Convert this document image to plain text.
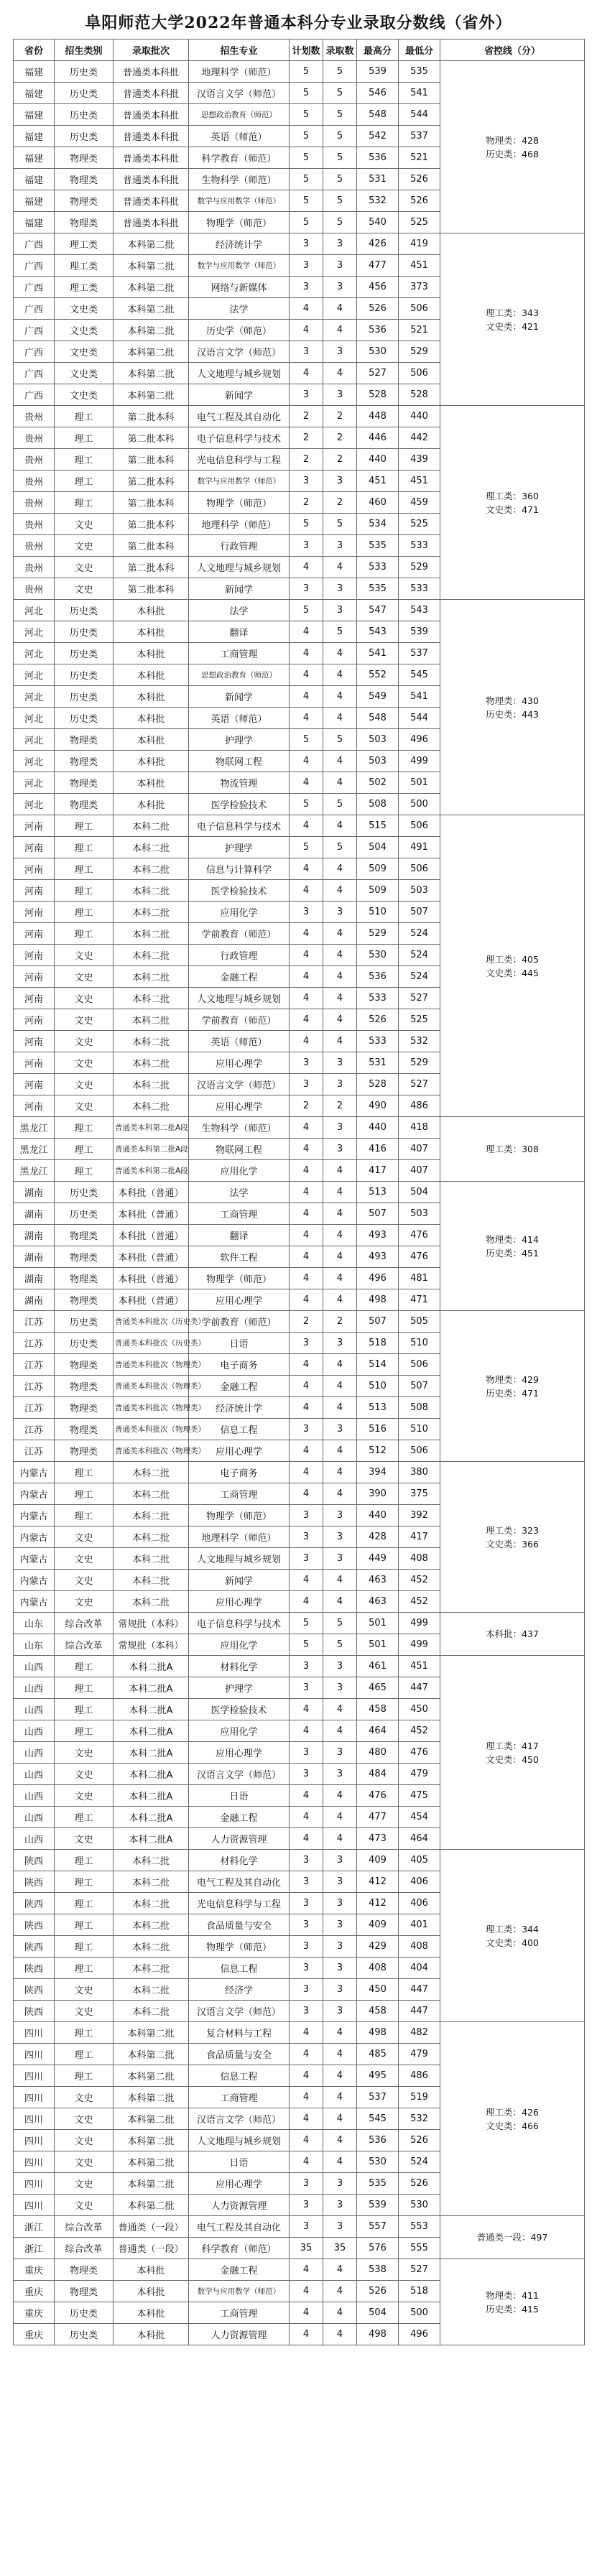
阜阳师范大学2022年普通本科分专业录取分数线（省外）
省份	招生类别	录取批次	招生专业	计划数	录取数	最高分	最低分	省控线（分）
福建	历史类	普通类本科批	地理科学（师范）	5	5	539	535	物理类：428
历史类：468

福建	历史类	普通类本科批	汉语言文学（师范）	5	5	546	541	
福建	历史类	普通类本科批	思想政治教育（师范）	5	5	548	544	
福建	历史类	普通类本科批	英语（师范）	5	5	542	537	
福建	物理类	普通类本科批	科学教育（师范）	5	5	536	521	
福建	物理类	普通类本科批	生物科学（师范）	5	5	531	526	
福建	物理类	普通类本科批	数学与应用数学（师范）	5	5	532	526	
福建	物理类	普通类本科批	物理学（师范）	5	5	540	525	
广西	理工类	本科第二批	经济统计学	3	3	426	419	理工类：343
文史类：421

广西	理工类	本科第二批	数学与应用数学（师范）	3	3	477	451	
广西	理工类	本科第二批	网络与新媒体	3	3	456	373	
广西	文史类	本科第二批	法学	4	4	526	506	
广西	文史类	本科第二批	历史学（师范）	4	4	536	521	
广西	文史类	本科第二批	汉语言文学（师范）	3	3	530	529	
广西	文史类	本科第二批	人文地理与城乡规划	4	4	527	506	
广西	文史类	本科第二批	新闻学	3	3	528	528	
贵州	理工	第二批本科	电气工程及其自动化	2	2	448	440	理工类：360
文史类：471

贵州	理工	第二批本科	电子信息科学与技术	2	2	446	442	
贵州	理工	第二批本科	光电信息科学与工程	2	2	440	439	
贵州	理工	第二批本科	数学与应用数学（师范）	3	3	451	451	
贵州	理工	第二批本科	物理学（师范）	2	2	460	459	
贵州	文史	第二批本科	地理科学（师范）	5	5	534	525	
贵州	文史	第二批本科	行政管理	3	3	535	533	
贵州	文史	第二批本科	人文地理与城乡规划	4	4	533	529	
贵州	文史	第二批本科	新闻学	3	3	535	533	
河北	历史类	本科批	法学	5	3	547	543	物理类：430
历史类：443

河北	历史类	本科批	翻译	4	5	543	539	
河北	历史类	本科批	工商管理	4	4	541	537	
河北	历史类	本科批	思想政治教育（师范）	4	4	552	545	
河北	历史类	本科批	新闻学	4	4	549	541	
河北	历史类	本科批	英语（师范）	4	4	548	544	
河北	物理类	本科批	护理学	5	5	503	496	
河北	物理类	本科批	物联网工程	4	4	503	499	
河北	物理类	本科批	物流管理	4	4	502	501	
河北	物理类	本科批	医学检验技术	5	5	508	500	
河南	理工	本科二批	电子信息科学与技术	4	4	515	506	理工类：405
文史类：445

河南	理工	本科二批	护理学	5	5	504	491	
河南	理工	本科二批	信息与计算科学	4	4	509	506	
河南	理工	本科二批	医学检验技术	4	4	509	503	
河南	理工	本科二批	应用化学	3	3	510	507	
河南	理工	本科二批	学前教育（师范）	4	4	529	524	
河南	文史	本科二批	行政管理	4	4	530	524	
河南	文史	本科二批	金融工程	4	4	536	524	
河南	文史	本科二批	人文地理与城乡规划	4	4	533	527	
河南	文史	本科二批	学前教育（师范）	4	4	526	525	
河南	文史	本科二批	英语（师范）	4	4	533	532	
河南	文史	本科二批	应用心理学	3	3	531	529	
河南	文史	本科二批	汉语言文学（师范）	3	3	528	527	
河南	文史	本科二批	应用心理学	2	2	490	486	
黑龙江	理工	普通类本科第二批A段	生物科学（师范）	4	3	440	418	理工类：308

黑龙江	理工	普通类本科第二批A段	物联网工程	4	3	416	407	
黑龙江	理工	普通类本科第二批A段	应用化学	4	4	417	407	
湖南	历史类	本科批（普通）	法学	4	4	513	504	物理类：414
历史类：451

湖南	历史类	本科批（普通）	工商管理	4	4	507	503	
湖南	物理类	本科批（普通）	翻译	4	4	493	476	
湖南	物理类	本科批（普通）	软件工程	4	4	493	476	
湖南	物理类	本科批（普通）	物理学（师范）	4	4	496	481	
湖南	物理类	本科批（普通）	应用心理学	4	4	498	471	
江苏	历史类	普通类本科批次（历史类）	学前教育（师范）	2	2	507	505	物理类：429
历史类：471

江苏	历史类	普通类本科批次（历史类）	日语	3	3	518	510	
江苏	物理类	普通类本科批次（物理类）	电子商务	4	4	514	506	
江苏	物理类	普通类本科批次（物理类）	金融工程	4	4	510	507	
江苏	物理类	普通类本科批次（物理类）	经济统计学	4	4	513	508	
江苏	物理类	普通类本科批次（物理类）	信息工程	3	3	516	510	
江苏	物理类	普通类本科批次（物理类）	应用心理学	4	4	512	506	
内蒙古	理工	本科二批	电子商务	4	4	394	380	理工类：323
文史类：366

内蒙古	理工	本科二批	工商管理	4	4	390	375	
内蒙古	理工	本科二批	物理学（师范）	3	3	440	392	
内蒙古	文史	本科二批	地理科学（师范）	3	3	428	417	
内蒙古	文史	本科二批	人文地理与城乡规划	3	3	449	408	
内蒙古	文史	本科二批	新闻学	4	4	463	452	
内蒙古	文史	本科二批	应用心理学	4	4	463	452	
山东	综合改革	常规批（本科）	电子信息科学与技术	5	5	501	499	本科批：437

山东	综合改革	常规批（本科）	应用化学	5	5	501	499	
山西	理工	本科二批A	材料化学	3	3	461	451	理工类：417
文史类：450

山西	理工	本科二批A	护理学	3	3	465	447	
山西	理工	本科二批A	医学检验技术	4	4	458	450	
山西	理工	本科二批A	应用化学	4	4	464	452	
山西	文史	本科二批A	应用心理学	3	3	480	476	
山西	文史	本科二批A	汉语言文学（师范）	3	3	484	479	
山西	文史	本科二批A	日语	4	4	476	475	
山西	理工	本科二批A	金融工程	4	4	477	454	
山西	文史	本科二批A	人力资源管理	4	4	473	464	
陕西	理工	本科二批	材料化学	3	3	409	405	理工类：344
文史类：400

陕西	理工	本科二批	电气工程及其自动化	3	3	412	406	
陕西	理工	本科二批	光电信息科学与工程	3	3	412	406	
陕西	理工	本科二批	食品质量与安全	3	3	409	401	
陕西	理工	本科二批	物理学（师范）	3	3	429	408	
陕西	理工	本科二批	信息工程	3	3	408	404	
陕西	文史	本科二批	经济学	3	3	450	447	
陕西	文史	本科二批	汉语言文学（师范）	3	3	458	447	
四川	理工	本科第二批	复合材料与工程	4	4	498	482	理工类：426
文史类：466

四川	理工	本科第二批	食品质量与安全	4	4	485	479	
四川	理工	本科第二批	信息工程	4	4	495	486	
四川	文史	本科第二批	工商管理	4	4	537	519	
四川	文史	本科第二批	汉语言文学（师范）	4	4	545	532	
四川	文史	本科第二批	人文地理与城乡规划	4	4	536	526	
四川	文史	本科第二批	日语	4	4	530	524	
四川	文史	本科第二批	应用心理学	3	3	535	526	
四川	文史	本科第二批	人力资源管理	3	3	539	530	
浙江	综合改革	普通类（一段）	电气工程及其自动化	3	3	557	553	普通类一段：497

浙江	综合改革	普通类（一段）	科学教育（师范）	35	35	576	555	
重庆	物理类	本科批	金融工程	4	4	538	527	物理类：411
历史类：415

重庆	物理类	本科批	数学与应用数学（师范）	4	4	526	518	
重庆	历史类	本科批	工商管理	4	4	504	500	
重庆	历史类	本科批	人力资源管理	4	4	498	496	
